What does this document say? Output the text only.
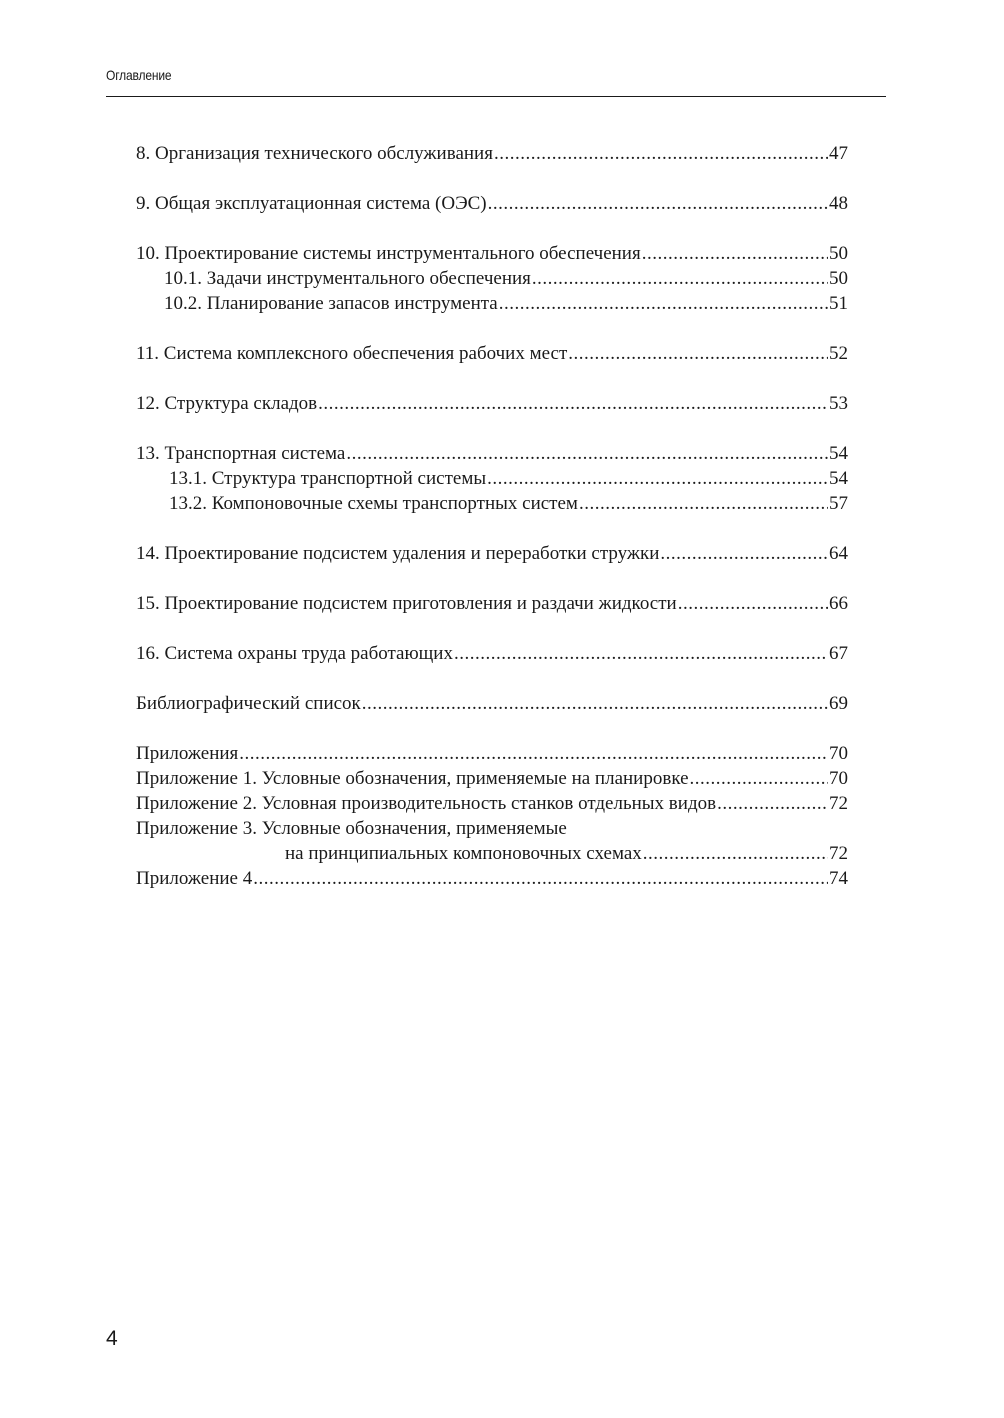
Оглавление
8. Организация технического обслуживания .....	47
9. Общая эксплуатационная система (ОЭС) .....	48
10. Проектирование системы инструментального обеспечения .....	50
10.1. Задачи инструментального обеспечения .....	50
10.2. Планирование запасов инструмента .....	51
11. Система комплексного обеспечения рабочих мест .....	52
12. Структура складов .....	53
13. Транспортная система .....	54
13.1. Структура транспортной системы .....	54
13.2. Компоновочные схемы транспортных систем .....	57
14. Проектирование подсистем удаления и переработки стружки .....	64
15. Проектирование подсистем приготовления и раздачи жидкости .....	66
16. Система охраны труда работающих .....	67
Библиографический список .....	69
Приложения .....	70
Приложение 1. Условные обозначения, применяемые на планировке .....	70
Приложение 2. Условная производительность станков отдельных видов .....	72
Приложение 3. Условные обозначения, применяемые
на принципиальных компоновочных схемах .....	72
Приложение 4 .....	74
4
